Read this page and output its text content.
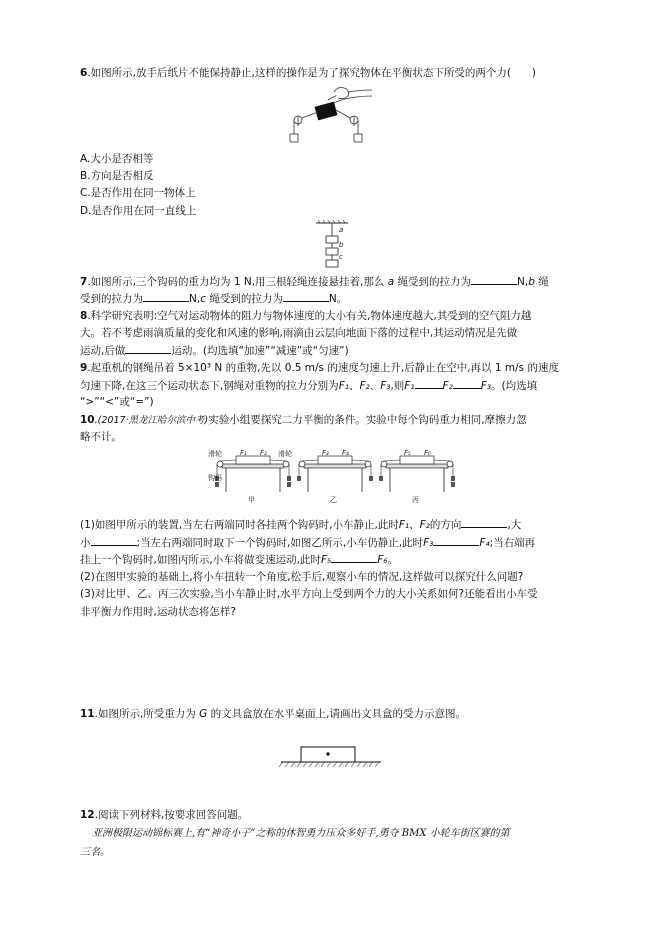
6.如图所示,放手后纸片不能保持静止,这样的操作是为了探究物体在平衡状态下所受的两个力(　　)
A.大小是否相等
B.方向是否相反
C.是否作用在同一物体上
D.是否作用在同一直线上
a
b
c
7.如图所示,三个钩码的重力均为 1 N,用三根轻绳连接悬挂着,那么 a 绳受到的拉力为	N,b 绳
受到的拉力为	N,c 绳受到的拉力为	N。
8.科学研究表明:空气对运动物体的阻力与物体速度的大小有关,物体速度越大,其受到的空气阻力越
大。若不考虑雨滴质量的变化和风速的影响,雨滴由云层向地面下落的过程中,其运动情况是先做
运动,后做	运动。(均选填“加速”“减速”或“匀速”)
9.起重机的钢绳吊着 5×10³ N 的重物,先以 0.5 m/s 的速度匀速上升,后静止在空中,再以 1 m/s 的速度
匀速下降,在这三个运动状态下,钢绳对重物的拉力分别为F₁、F₂、F₃,则F₁	F₂	F₃。(均选填
“>”“<”或“=”)
10.(2017·黑龙江哈尔滨中考)实验小组要探究二力平衡的条件。实验中每个钩码重力相同,摩擦力忽
略不计。
F₁ F₂
甲
F₃ F₄
乙
F₅ F₆
丙
滑轮	滑轮
钩码
(1)如图甲所示的装置,当左右两端同时各挂两个钩码时,小车静止,此时F₁、F₂的方向	,大
小	;当左右两端同时取下一个钩码时,如图乙所示,小车仍静止,此时F₃	F₄;当右端再
挂上一个钩码时,如图丙所示,小车将做变速运动,此时F₅	F₆。
(2)在图甲实验的基础上,将小车扭转一个角度,松手后,观察小车的情况,这样做可以探究什么问题?
(3)对比甲、乙、丙三次实验,当小车静止时,水平方向上受到两个力的大小关系如何?还能看出小车受
非平衡力作用时,运动状态将怎样?
11.如图所示,所受重力为 G 的文具盒放在水平桌面上,请画出文具盒的受力示意图。
12.阅读下列材料,按要求回答问题。
亚洲极限运动锦标赛上,有“神奇小子”之称的休智勇力压众多好手,勇夺 BMX 小轮车街区赛的第
三名。
